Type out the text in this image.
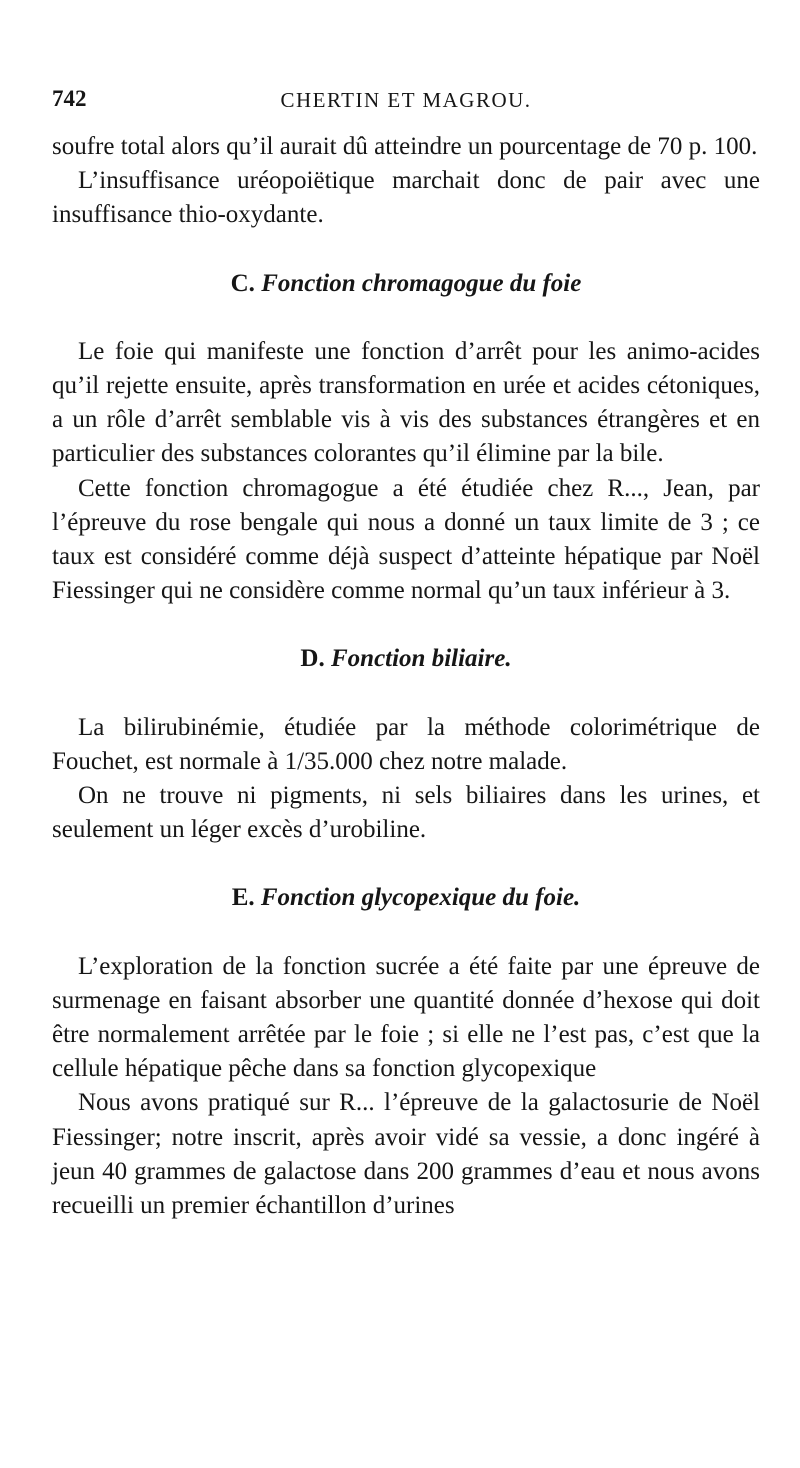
742	CHERTIN ET MAGROU.

soufre total alors qu’il aurait dû atteindre un pourcentage de 70 p. 100.

L’insuffisance uréopoiëtique marchait donc de pair avec une insuffisance thio-oxydante.

C. Fonction chromagogue du foie

Le foie qui manifeste une fonction d’arrêt pour les animo-acides qu’il rejette ensuite, après transformation en urée et acides cétoniques, a un rôle d’arrêt semblable vis à vis des substances étrangères et en particulier des substances colorantes qu’il élimine par la bile.

Cette fonction chromagogue a été étudiée chez R..., Jean, par l’épreuve du rose bengale qui nous a donné un taux limite de 3 ; ce taux est considéré comme déjà suspect d’atteinte hépatique par Noël Fiessinger qui ne considère comme normal qu’un taux inférieur à 3.

D. Fonction biliaire.

La bilirubinémie, étudiée par la méthode colorimétrique de Fouchet, est normale à 1/35.000 chez notre malade.

On ne trouve ni pigments, ni sels biliaires dans les urines, et seulement un léger excès d’urobiline.

E. Fonction glycopexique du foie.

L’exploration de la fonction sucrée a été faite par une épreuve de surmenage en faisant absorber une quantité donnée d’hexose qui doit être normalement arrêtée par le foie ; si elle ne l’est pas, c’est que la cellule hépatique pêche dans sa fonction glycopexique

Nous avons pratiqué sur R... l’épreuve de la galactosurie de Noël Fiessinger; notre inscrit, après avoir vidé sa vessie, a donc ingéré à jeun 40 grammes de galactose dans 200 grammes d’eau et nous avons recueilli un premier échantillon d’urines
